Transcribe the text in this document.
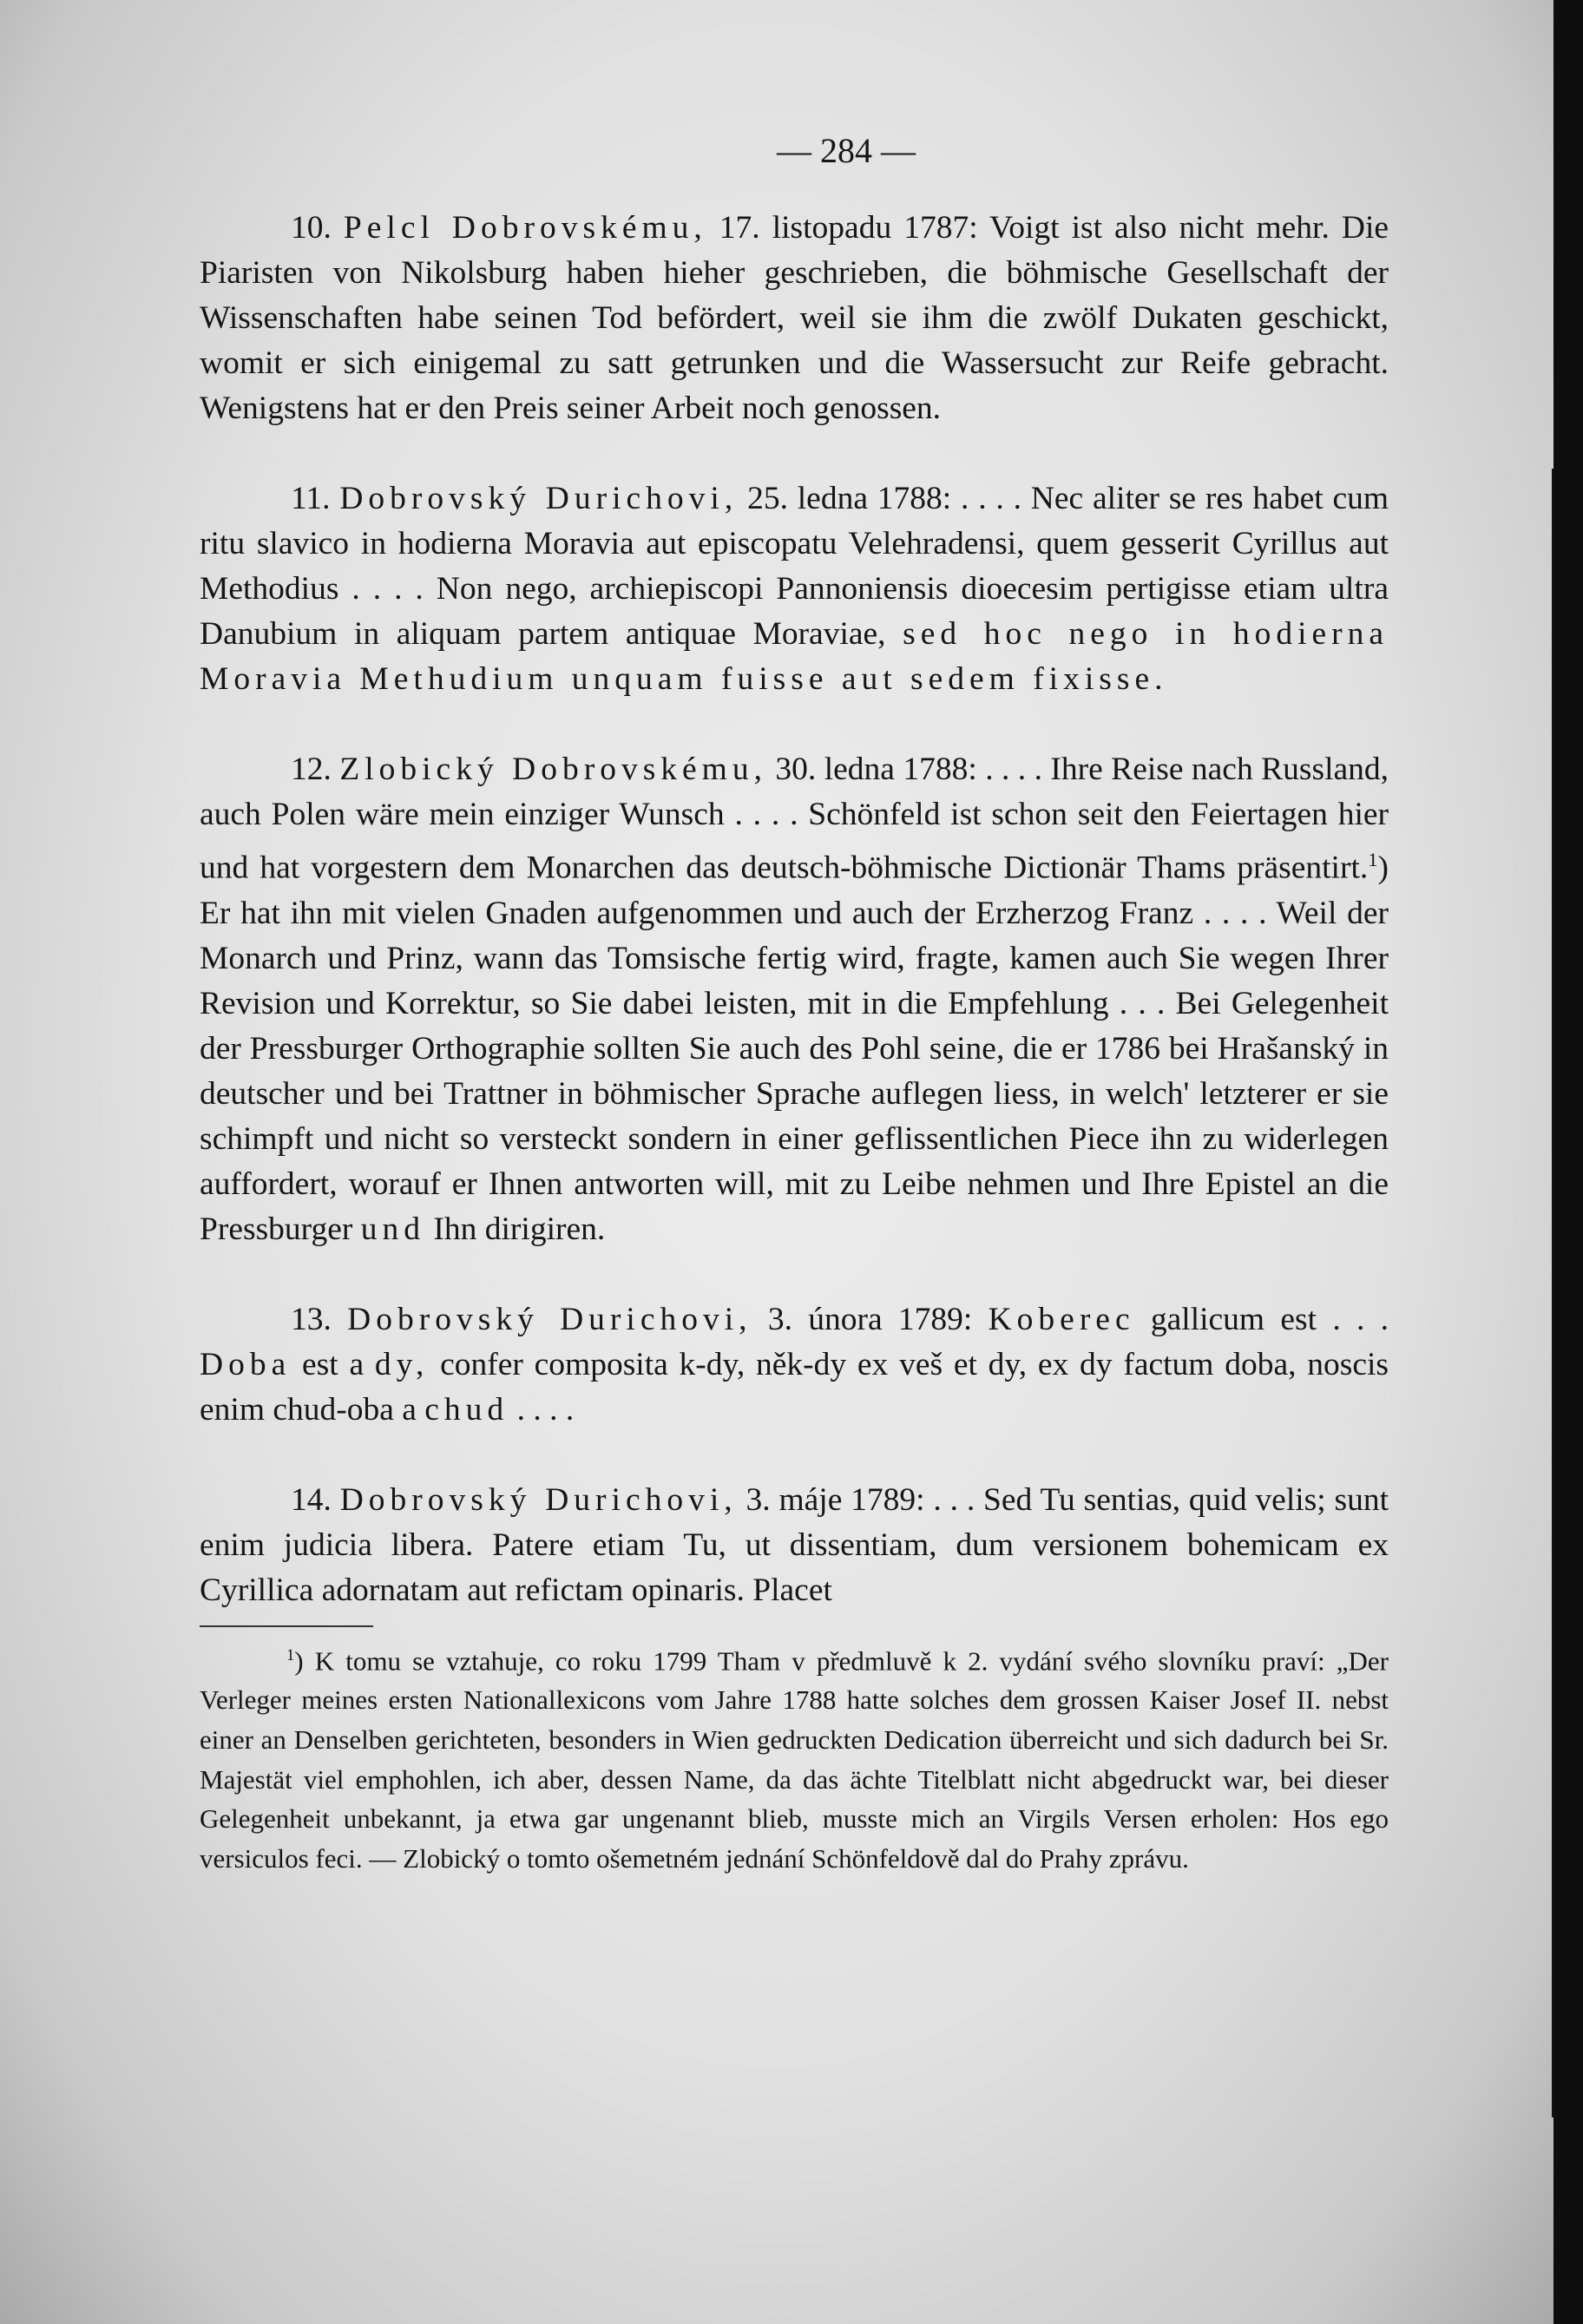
— 284 —

10. Pelcl Dobrovskému, 17. listopadu 1787: Voigt ist also nicht mehr. Die Piaristen von Nikolsburg haben hieher geschrieben, die böhmische Gesellschaft der Wissenschaften habe seinen Tod befördert, weil sie ihm die zwölf Dukaten geschickt, womit er sich einigemal zu satt getrunken und die Wassersucht zur Reife gebracht. Wenigstens hat er den Preis seiner Arbeit noch genossen.

11. Dobrovský Durichovi, 25. ledna 1788: . . . . Nec aliter se res habet cum ritu slavico in hodierna Moravia aut episcopatu Velehradensi, quem gesserit Cyrillus aut Methodius . . . . Non nego, archiepiscopi Pannoniensis dioecesim pertigisse etiam ultra Danubium in aliquam partem antiquae Moraviae, sed hoc nego in hodierna Moravia Methudium unquam fuisse aut sedem fixisse.

12. Zlobický Dobrovskému, 30. ledna 1788: . . . . Ihre Reise nach Russland, auch Polen wäre mein einziger Wunsch . . . . Schönfeld ist schon seit den Feiertagen hier und hat vorgestern dem Monarchen das deutsch-böhmische Dictionär Thams präsentirt.$^1$) Er hat ihn mit vielen Gnaden aufgenommen und auch der Erzherzog Franz . . . . Weil der Monarch und Prinz, wann das Tomsische fertig wird, fragte, kamen auch Sie wegen Ihrer Revision und Korrektur, so Sie dabei leisten, mit in die Empfehlung . . . Bei Gelegenheit der Pressburger Orthographie sollten Sie auch des Pohl seine, die er 1786 bei Hrašanský in deutscher und bei Trattner in böhmischer Sprache auflegen liess, in welch' letzterer er sie schimpft und nicht so versteckt sondern in einer geflissentlichen Piece ihn zu widerlegen auffordert, worauf er Ihnen antworten will, mit zu Leibe nehmen und Ihre Epistel an die Pressburger und Ihn dirigiren.

13. Dobrovský Durichovi, 3. února 1789: Koberec gallicum est . . . Doba est a dy, confer composita k-dy, něk-dy ex veš et dy, ex dy factum doba, noscis enim chud-oba a chud . . . .

14. Dobrovský Durichovi, 3. máje 1789: . . . Sed Tu sentias, quid velis; sunt enim judicia libera. Patere etiam Tu, ut dissentiam, dum versionem bohemicam ex Cyrillica adornatam aut refictam opinaris. Placet

$^1$) K tomu se vztahuje, co roku 1799 Tham v předmluvě k 2. vydání svého slovníku praví: „Der Verleger meines ersten Nationallexicons vom Jahre 1788 hatte solches dem grossen Kaiser Josef II. nebst einer an Denselben gerichteten, besonders in Wien gedruckten Dedication überreicht und sich dadurch bei Sr. Majestät viel emphohlen, ich aber, dessen Name, da das ächte Titelblatt nicht abgedruckt war, bei dieser Gelegenheit unbekannt, ja etwa gar ungenannt blieb, musste mich an Virgils Versen erholen: Hos ego versiculos feci. — Zlobický o tomto ošemetném jednání Schönfeldově dal do Prahy zprávu.
